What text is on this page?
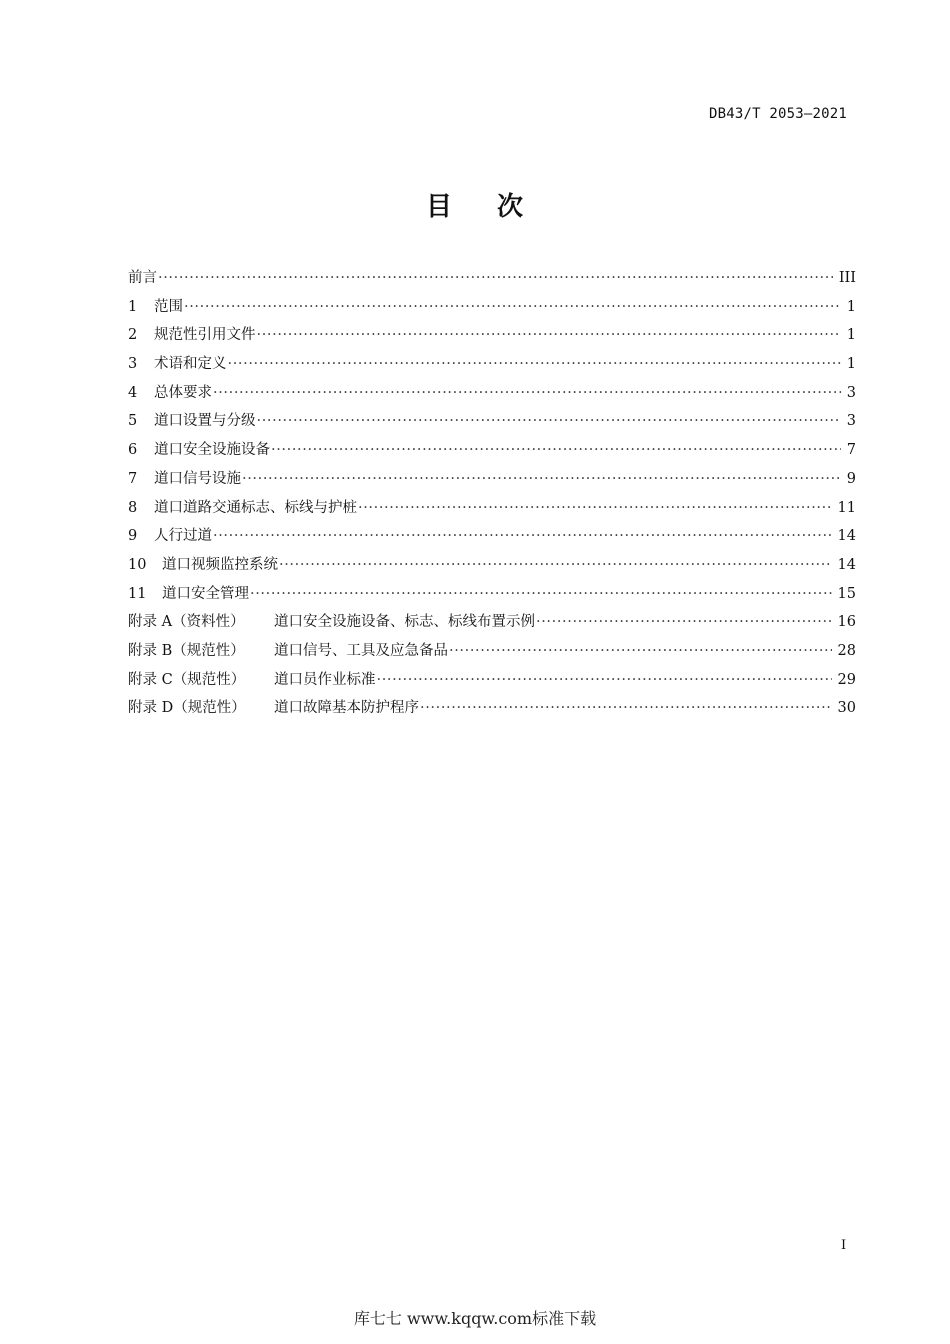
DB43/T 2053—2021
目 次
前言 ·····	III
1 范围 ·····	1
2 规范性引用文件 ·····	1
3 术语和定义 ·····	1
4 总体要求 ·····	3
5 道口设置与分级 ·····	3
6 道口安全设施设备 ·····	7
7 道口信号设施 ·····	9
8 道口道路交通标志、标线与护桩 ·····	11
9 人行过道 ·····	14
10 道口视频监控系统 ·····	14
11 道口安全管理 ·····	15
附录 A（资料性） 道口安全设施设备、标志、标线布置示例 ·····	16
附录 B（规范性） 道口信号、工具及应急备品 ·····	28
附录 C（规范性） 道口员作业标准 ·····	29
附录 D（规范性） 道口故障基本防护程序 ·····	30
I
库七七 www.kqqw.com标准下载
